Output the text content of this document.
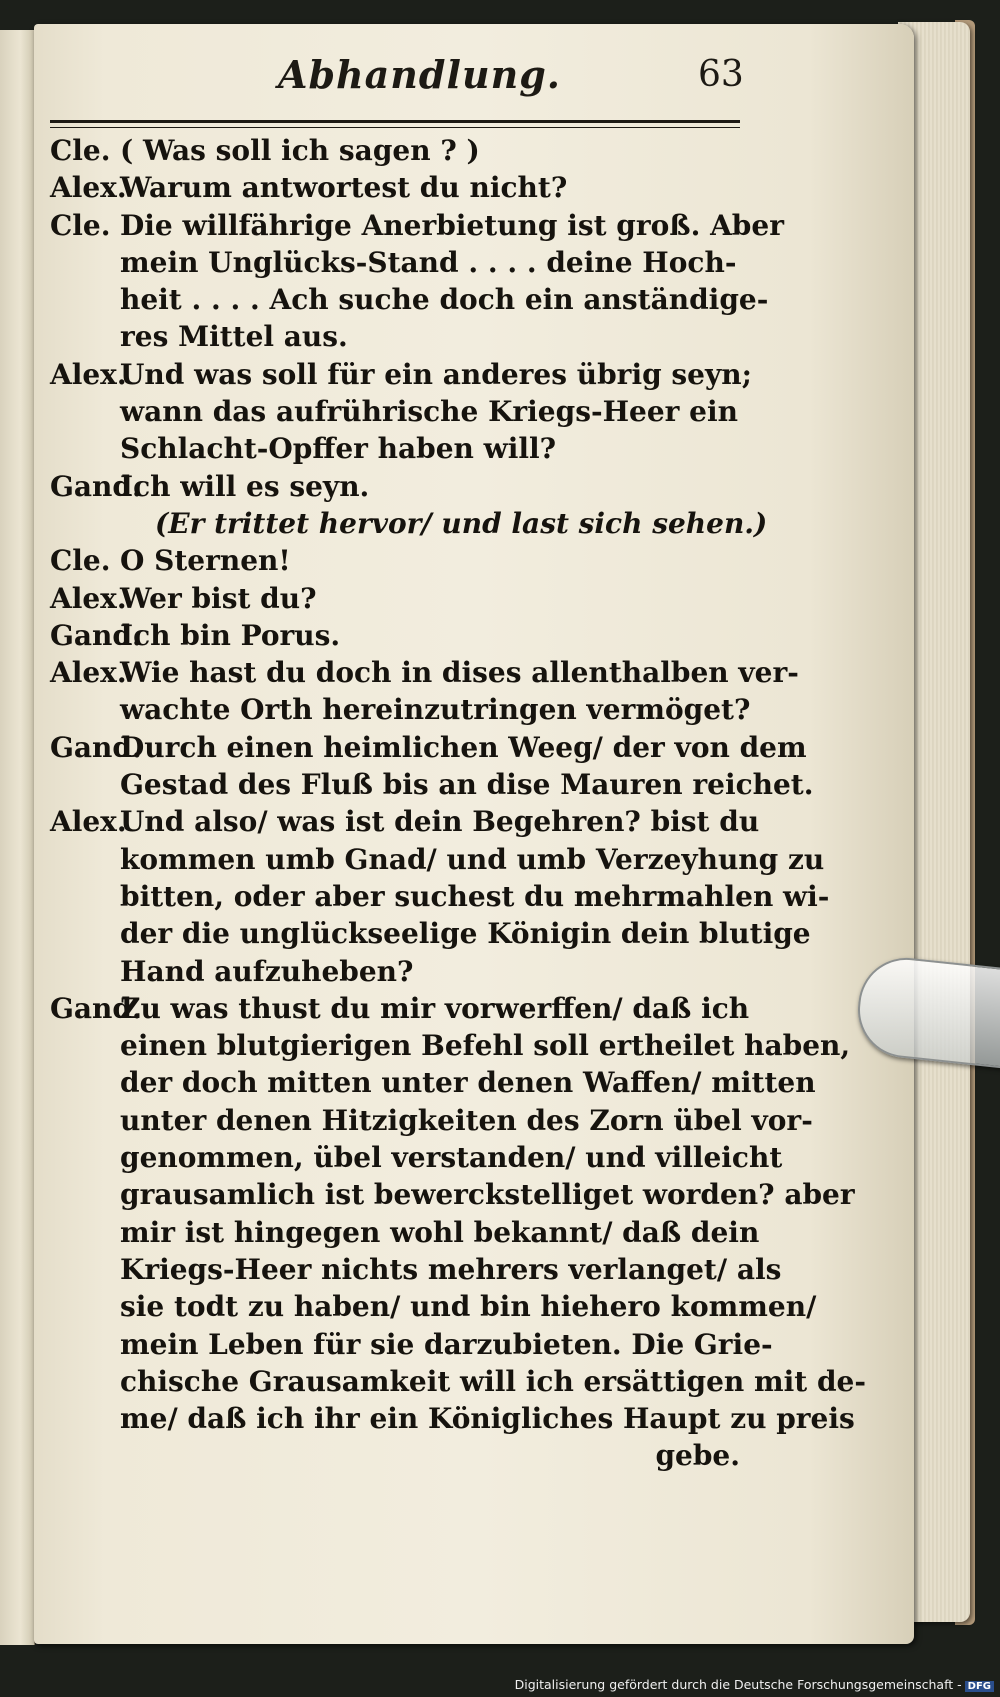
Abhandlung.	63
Cle. ( Was soll ich sagen ? )
Alex.Warum antwortest du nicht?
Cle. Die willfährige Anerbietung ist groß. Aber
mein Unglücks-Stand . . . . deine Hoch-
heit . . . . Ach suche doch ein anständige-
res Mittel aus.
Alex.Und was soll für ein anderes übrig seyn;
wann das aufrührische Kriegs-Heer ein
Schlacht-Opffer haben will?
Gand.Ich will es seyn.
(Er trittet hervor/ und last sich sehen.)
Cle. O Sternen!
Alex.Wer bist du?
Gand.Ich bin Porus.
Alex.Wie hast du doch in dises allenthalben ver-
wachte Orth hereinzutringen vermöget?
Gand.Durch einen heimlichen Weeg/ der von dem
Gestad des Fluß bis an dise Mauren reichet.
Alex.Und also/ was ist dein Begehren? bist du
kommen umb Gnad/ und umb Verzeyhung zu
bitten, oder aber suchest du mehrmahlen wi-
der die unglückseelige Königin dein blutige
Hand aufzuheben?
Gand.Zu was thust du mir vorwerffen/ daß ich
einen blutgierigen Befehl soll ertheilet haben,
der doch mitten unter denen Waffen/ mitten
unter denen Hitzigkeiten des Zorn übel vor-
genommen, übel verstanden/ und villeicht
grausamlich ist bewerckstelliget worden? aber
mir ist hingegen wohl bekannt/ daß dein
Kriegs-Heer nichts mehrers verlanget/ als
sie todt zu haben/ und bin hiehero kommen/
mein Leben für sie darzubieten. Die Grie-
chische Grausamkeit will ich ersättigen mit de-
me/ daß ich ihr ein Königliches Haupt zu preis
gebe.
Digitalisierung gefördert durch die Deutsche Forschungsgemeinschaft - DFG
